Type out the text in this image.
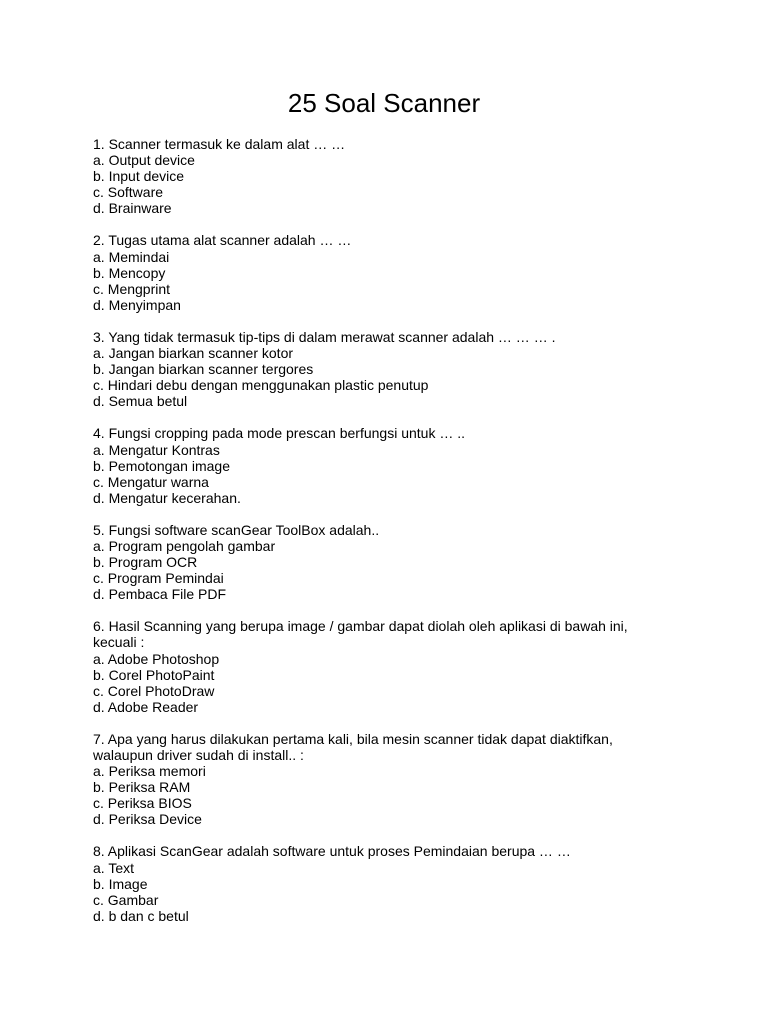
25 Soal Scanner
1. Scanner termasuk ke dalam alat … …
a. Output device
b. Input device
c. Software
d. Brainware
2. Tugas utama alat scanner adalah … …
a. Memindai
b. Mencopy
c. Mengprint
d. Menyimpan
3. Yang tidak termasuk tip-tips di dalam merawat scanner adalah … … … .
a. Jangan biarkan scanner kotor
b. Jangan biarkan scanner tergores
c. Hindari debu dengan menggunakan plastic penutup
d. Semua betul
4. Fungsi cropping pada mode prescan berfungsi untuk … ..
a. Mengatur Kontras
b. Pemotongan image
c. Mengatur warna
d. Mengatur kecerahan.
5. Fungsi software scanGear ToolBox adalah..
a. Program pengolah gambar
b. Program OCR
c. Program Pemindai
d. Pembaca File PDF
6. Hasil Scanning yang berupa image / gambar dapat diolah oleh aplikasi di bawah ini,
kecuali :
a. Adobe Photoshop
b. Corel PhotoPaint
c. Corel PhotoDraw
d. Adobe Reader
7. Apa yang harus dilakukan pertama kali, bila mesin scanner tidak dapat diaktifkan,
walaupun driver sudah di install.. :
a. Periksa memori
b. Periksa RAM
c. Periksa BIOS
d. Periksa Device
8. Aplikasi ScanGear adalah software untuk proses Pemindaian berupa … …
a. Text
b. Image
c. Gambar
d. b dan c betul
